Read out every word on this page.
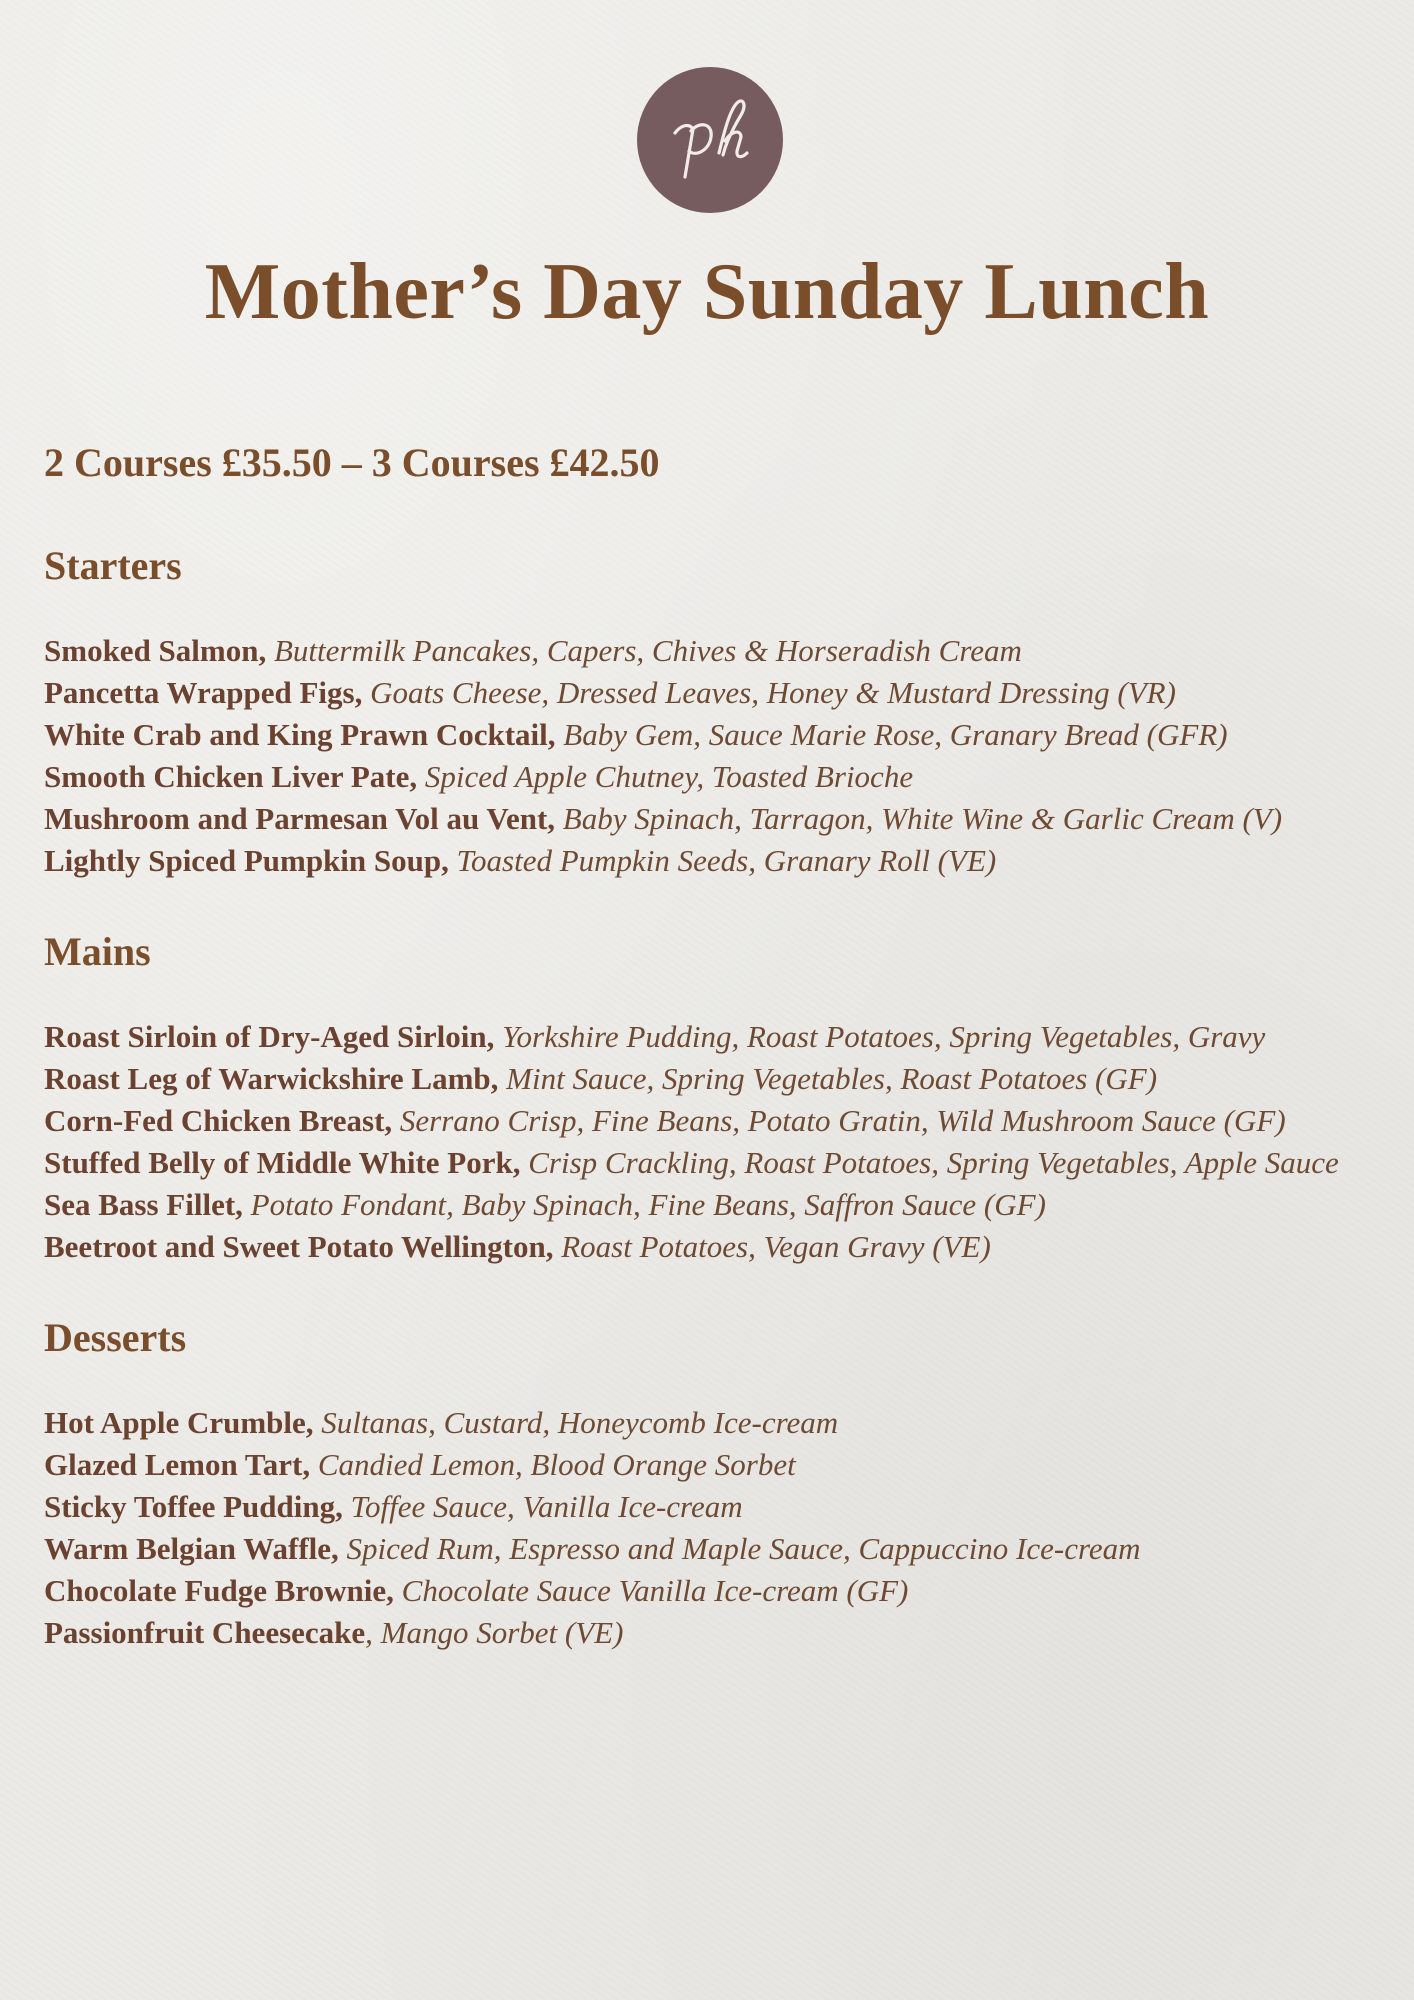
Mother’s Day Sunday Lunch
2 Courses £35.50 – 3 Courses £42.50
Starters
Smoked Salmon, Buttermilk Pancakes, Capers, Chives & Horseradish Cream
Pancetta Wrapped Figs, Goats Cheese, Dressed Leaves, Honey & Mustard Dressing (VR)
White Crab and King Prawn Cocktail, Baby Gem, Sauce Marie Rose, Granary Bread (GFR)
Smooth Chicken Liver Pate, Spiced Apple Chutney, Toasted Brioche
Mushroom and Parmesan Vol au Vent, Baby Spinach, Tarragon, White Wine & Garlic Cream (V)
Lightly Spiced Pumpkin Soup, Toasted Pumpkin Seeds, Granary Roll (VE)
Mains
Roast Sirloin of Dry-Aged Sirloin, Yorkshire Pudding, Roast Potatoes, Spring Vegetables, Gravy
Roast Leg of Warwickshire Lamb, Mint Sauce, Spring Vegetables, Roast Potatoes (GF)
Corn-Fed Chicken Breast, Serrano Crisp, Fine Beans, Potato Gratin, Wild Mushroom Sauce (GF)
Stuffed Belly of Middle White Pork, Crisp Crackling, Roast Potatoes, Spring Vegetables, Apple Sauce
Sea Bass Fillet, Potato Fondant, Baby Spinach, Fine Beans, Saffron Sauce (GF)
Beetroot and Sweet Potato Wellington, Roast Potatoes, Vegan Gravy (VE)
Desserts
Hot Apple Crumble, Sultanas, Custard, Honeycomb Ice-cream
Glazed Lemon Tart, Candied Lemon, Blood Orange Sorbet
Sticky Toffee Pudding, Toffee Sauce, Vanilla Ice-cream
Warm Belgian Waffle, Spiced Rum, Espresso and Maple Sauce, Cappuccino Ice-cream
Chocolate Fudge Brownie, Chocolate Sauce Vanilla Ice-cream (GF)
Passionfruit Cheesecake, Mango Sorbet (VE)
